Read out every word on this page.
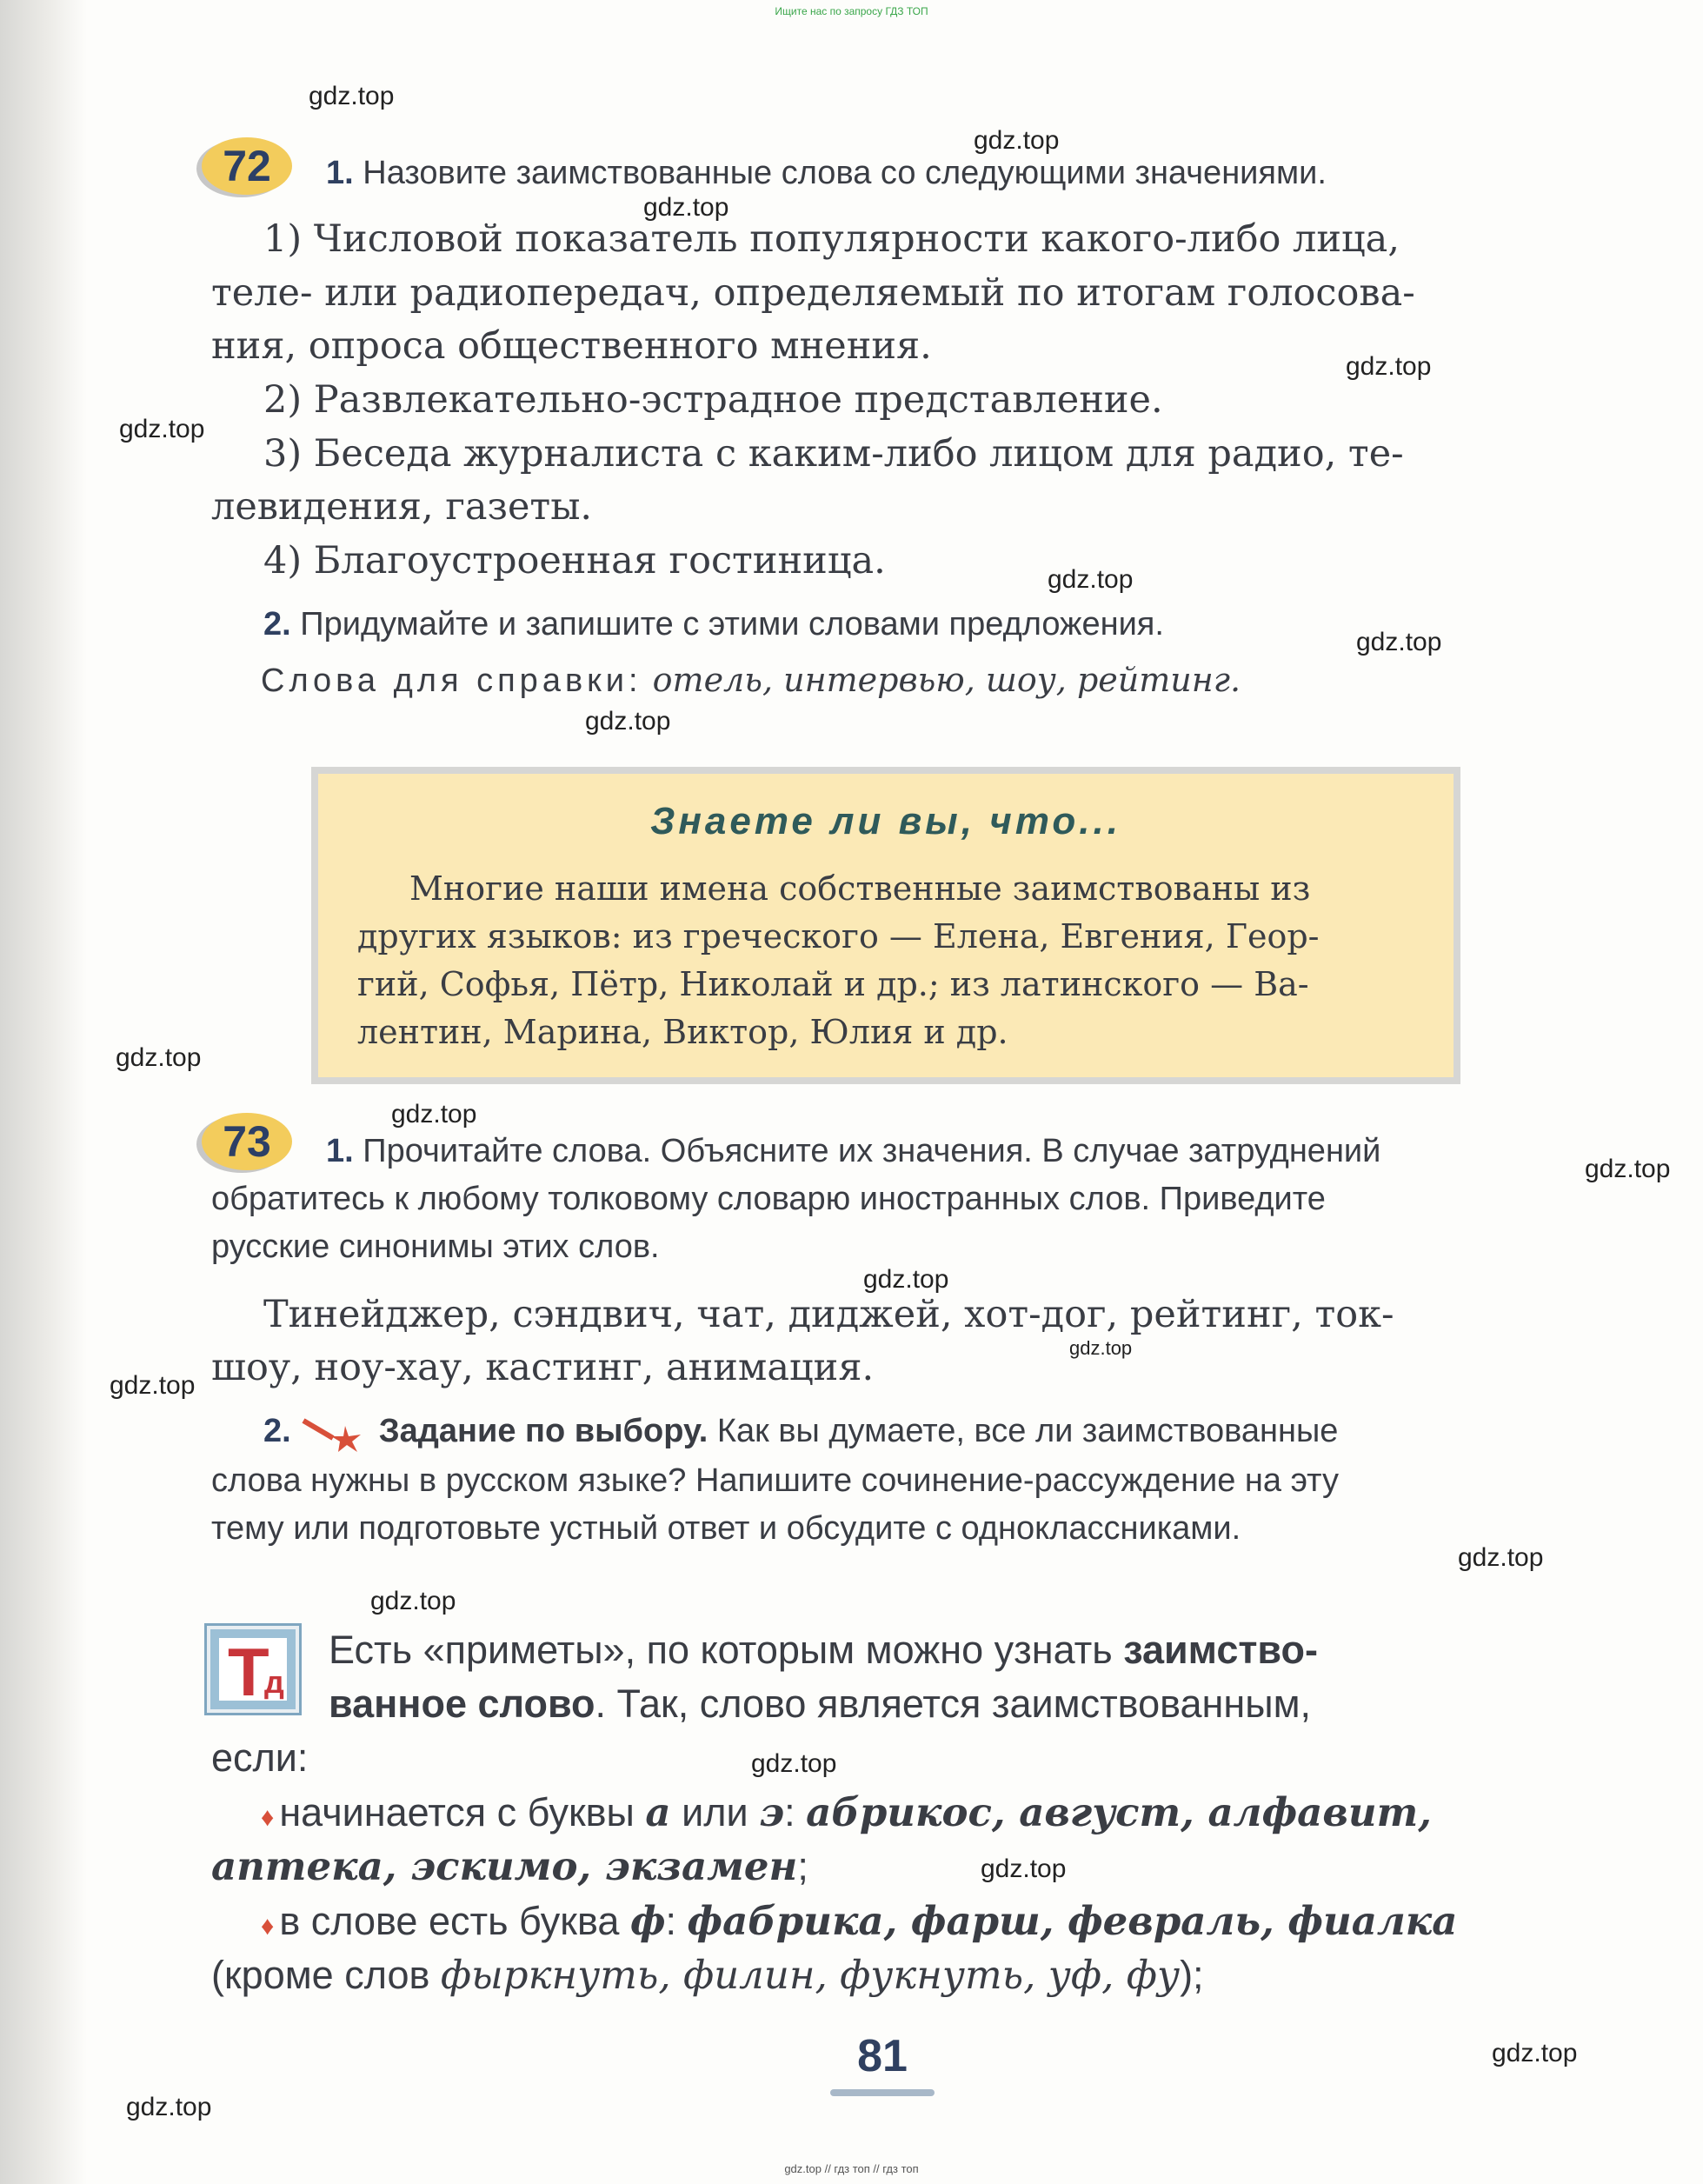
Ищите нас по запросу ГДЗ ТОП
gdz.top
gdz.top
gdz.top
gdz.top
gdz.top
gdz.top
gdz.top
gdz.top
gdz.top
gdz.top
gdz.top
gdz.top
gdz.top
gdz.top
gdz.top
gdz.top
gdz.top
gdz.top
gdz.top
gdz.top
72	1. Назовите заимствованные слова со следующими значениями.
1) Числовой показатель популярности какого-либо лица,
теле- или радиопередач, определяемый по итогам голосова-
ния, опроса общественного мнения.
2) Развлекательно-эстрадное представление.
3) Беседа журналиста с каким-либо лицом для радио, те-
левидения, газеты.
4) Благоустроенная гостиница.
2. Придумайте и запишите с этими словами предложения.
Слова для справки: отель, интервью, шоу, рейтинг.
Знаете ли вы, что...
Многие наши имена собственные заимствованы из
других языков: из греческого — Елена, Евгения, Геор-
гий, Софья, Пётр, Николай и др.; из латинского — Ва-
лентин, Марина, Виктор, Юлия и др.
73	1. Прочитайте слова. Объясните их значения. В случае затруднений
обратитесь к любому толковому словарю иностранных слов. Приведите
русские синонимы этих слов.
Тинейджер, сэндвич, чат, диджей, хот-дог, рейтинг, ток-
шоу, ноу-хау, кастинг, анимация.
2.	Задание по выбору. Как вы думаете, все ли заимствованные
слова нужны в русском языке? Напишите сочинение-рассуждение на эту
тему или подготовьте устный ответ и обсудите с одноклассниками.
Т
д
Есть «приметы», по которым можно узнать заимство-
ванное слово. Так, слово является заимствованным,
если:
♦ начинается с буквы а или э: абрикос, август, алфавит,
аптека, эскимо, экзамен;
♦ в слове есть буква ф: фабрика, фарш, февраль, фиалка
(кроме слов фыркнуть, филин, фукнуть, уф, фу);
81
gdz.top // гдз топ // гдз топ
